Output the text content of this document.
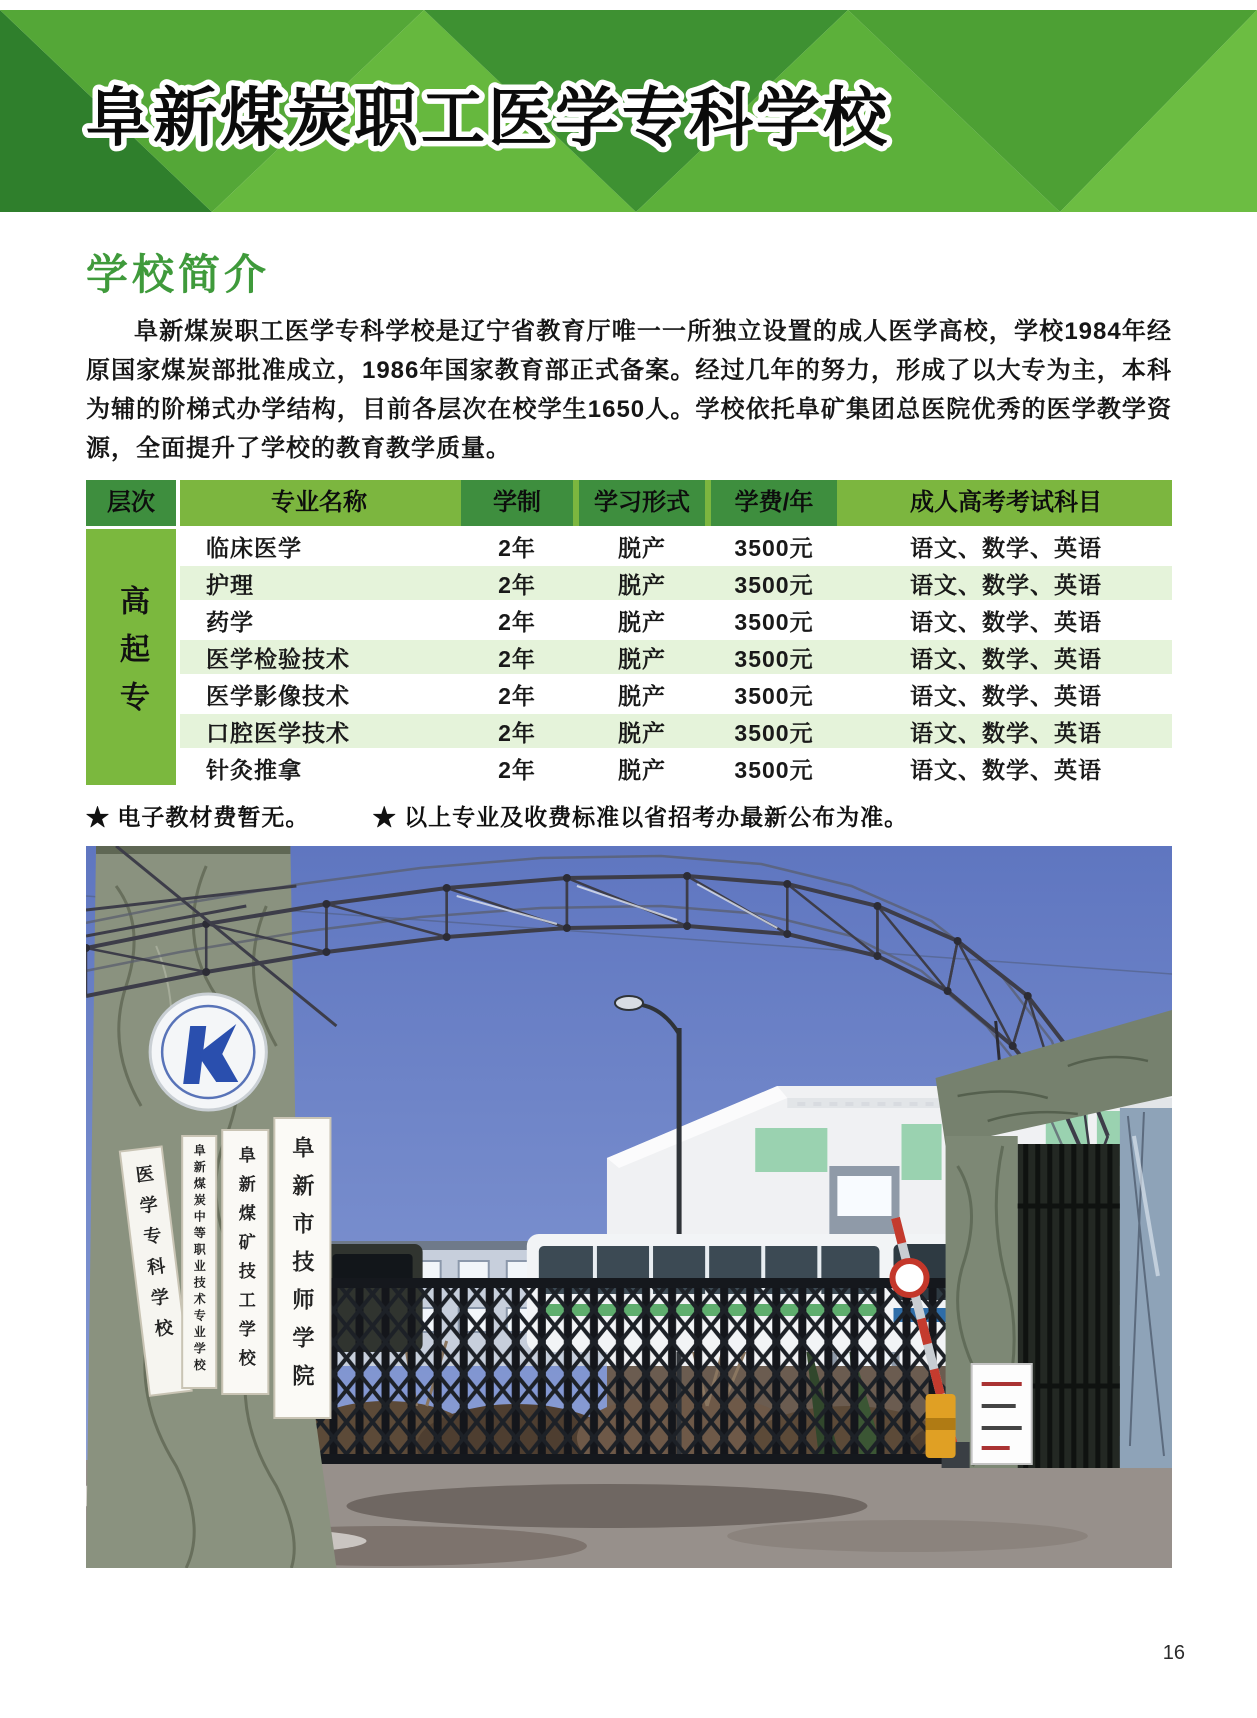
阜新煤炭职工医学专科学校
学校简介
阜新煤炭职工医学专科学校是辽宁省教育厅唯一一所独立设置的成人医学高校，学校1984年经原国家煤炭部批准成立，1986年国家教育部正式备案。经过几年的努力，形成了以大专为主，本科为辅的阶梯式办学结构，目前各层次在校学生1650人。学校依托阜矿集团总医院优秀的医学教学资源，全面提升了学校的教育教学质量。
层次	专业名称	学制	学习形式	学费/年	成人高考考试科目
高起专
临床医学	2年	脱产	3500元	语文、数学、英语
护理	2年	脱产	3500元	语文、数学、英语
药学	2年	脱产	3500元	语文、数学、英语
医学检验技术	2年	脱产	3500元	语文、数学、英语
医学影像技术	2年	脱产	3500元	语文、数学、英语
口腔医学技术	2年	脱产	3500元	语文、数学、英语
针灸推拿	2年	脱产	3500元	语文、数学、英语
★ 电子教材费暂无。	★ 以上专业及收费标准以省招考办最新公布为准。
医学专科学校 阜新煤炭中等职业技术专业学校 阜新煤矿技工学校 阜新市技师学院
16
